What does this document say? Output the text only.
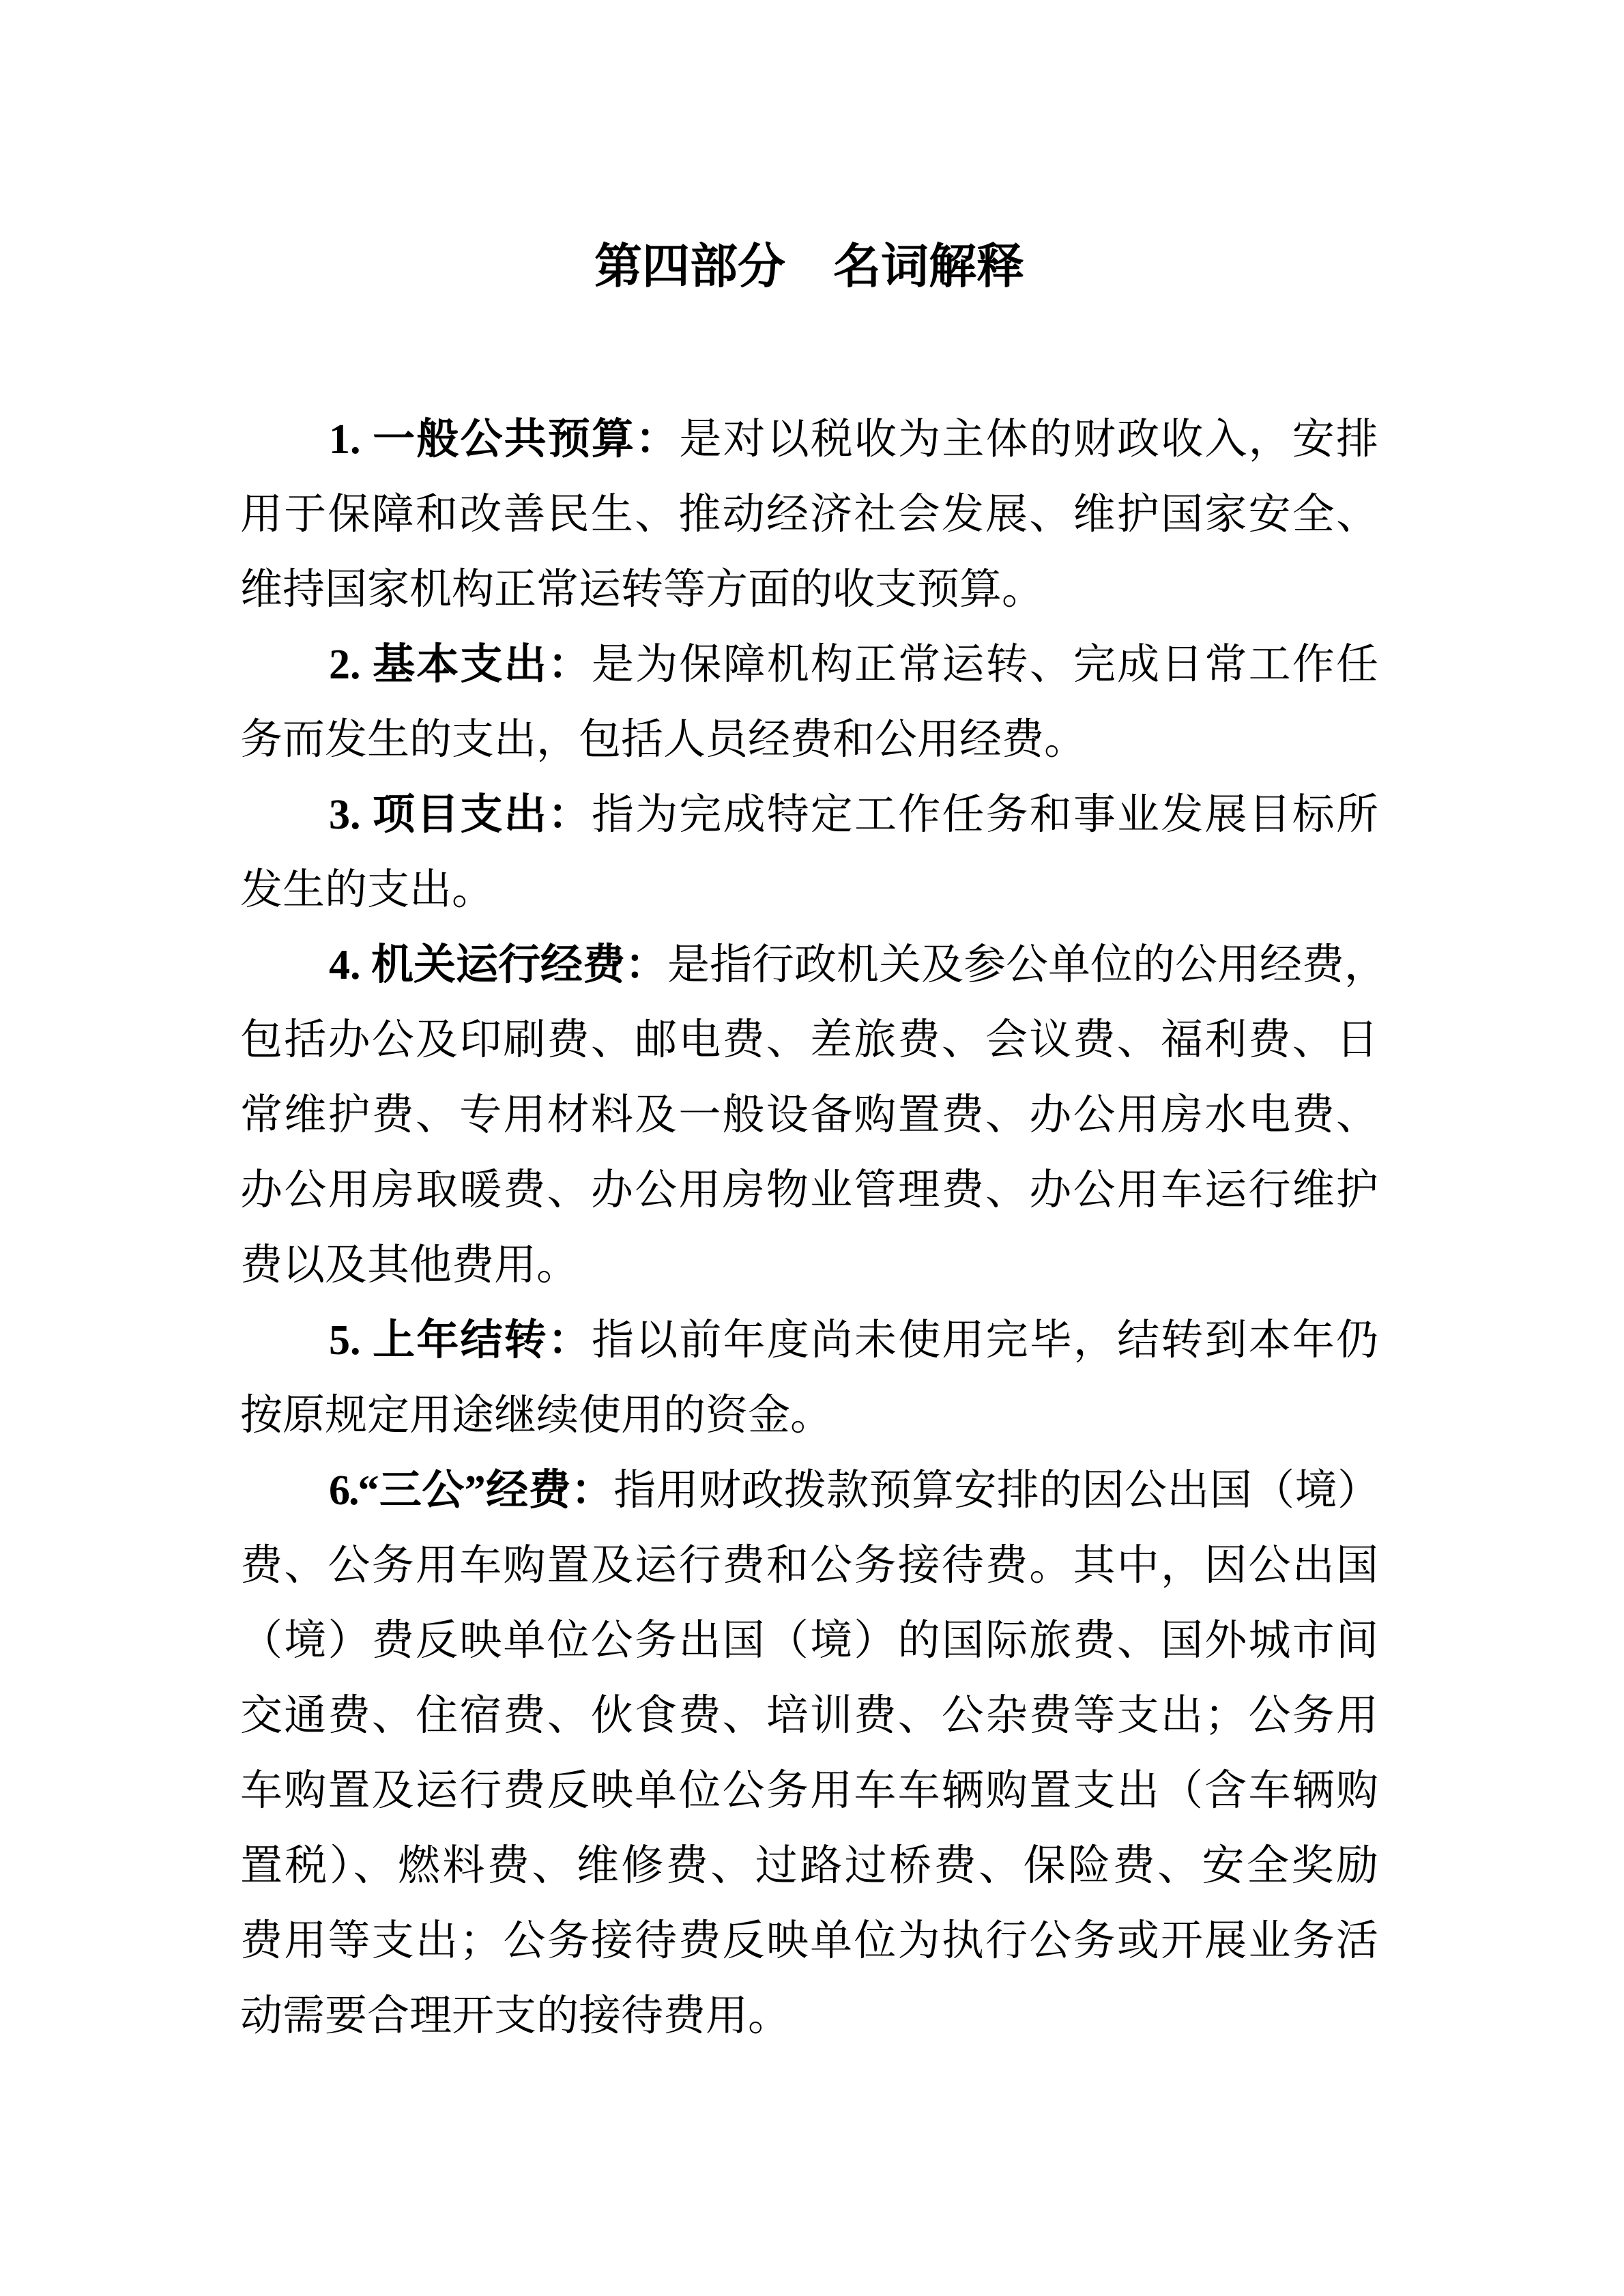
第四部分　名词解释
1. 一般公共预算：是对以税收为主体的财政收入，安排
用于保障和改善民生、推动经济社会发展、维护国家安全、
维持国家机构正常运转等方面的收支预算。
2. 基本支出：是为保障机构正常运转、完成日常工作任
务而发生的支出，包括人员经费和公用经费。
3. 项目支出：指为完成特定工作任务和事业发展目标所
发生的支出。
4. 机关运行经费：是指行政机关及参公单位的公用经费，
包括办公及印刷费、邮电费、差旅费、会议费、福利费、日
常维护费、专用材料及一般设备购置费、办公用房水电费、
办公用房取暖费、办公用房物业管理费、办公用车运行维护
费以及其他费用。
5. 上年结转：指以前年度尚未使用完毕，结转到本年仍
按原规定用途继续使用的资金。
6.“三公”经费：指用财政拨款预算安排的因公出国（境）
费、公务用车购置及运行费和公务接待费。其中，因公出国
（境）费反映单位公务出国（境）的国际旅费、国外城市间
交通费、住宿费、伙食费、培训费、公杂费等支出；公务用
车购置及运行费反映单位公务用车车辆购置支出（含车辆购
置税）、燃料费、维修费、过路过桥费、保险费、安全奖励
费用等支出；公务接待费反映单位为执行公务或开展业务活
动需要合理开支的接待费用。
